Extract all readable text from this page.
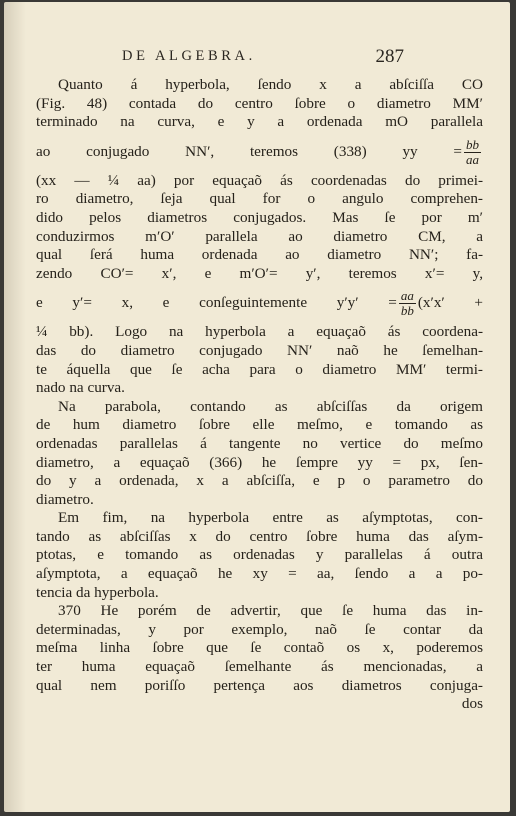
DE ALGEBRA.	287
Quanto á hyperbola, ſendo x a abſciſſa CO
(Fig. 48) contada do centro ſobre o diametro MM′
terminado na curva, e y a ordenada mO parallela
ao conjugado NN′, teremos (338) yy = $\frac{bb}{aa}$
(xx — ¼ aa) por equaçaõ ás coordenadas do primei-
ro diametro, ſeja qual for o angulo comprehen-
dido pelos diametros conjugados. Mas ſe por m′
conduzirmos m′O′ parallela ao diametro CM, a
qual ſerá huma ordenada ao diametro NN′; fa-
zendo CO′= x′, e m′O′= y′, teremos x′= y,
e y′= x, e conſeguintemente $y'y' = \frac{aa}{bb} (x'x'$ +
¼ bb). Logo na hyperbola a equaçaõ ás coordena-
das do diametro conjugado NN′ naõ he ſemelhan-
te áquella que ſe acha para o diametro MM′ termi-
nado na curva.
Na parabola, contando as abſciſſas da origem
de hum diametro ſobre elle meſmo, e tomando as
ordenadas parallelas á tangente no vertice do meſmo
diametro, a equaçaõ (366) he ſempre yy = px, ſen-
do y a ordenada, x a abſciſſa, e p o parametro do
diametro.
Em fim, na hyperbola entre as aſymptotas, con-
tando as abſciſſas x do centro ſobre huma das aſym-
ptotas, e tomando as ordenadas y parallelas á outra
aſymptota, a equaçaõ he xy = aa, ſendo a a po-
tencia da hyperbola.
370 He porém de advertir, que ſe huma das in-
determinadas, y por exemplo, naõ ſe contar da
meſma linha ſobre que ſe contaõ os x, poderemos
ter huma equaçaõ ſemelhante ás mencionadas, a
qual nem poriſſo pertença aos diametros conjuga-
dos
